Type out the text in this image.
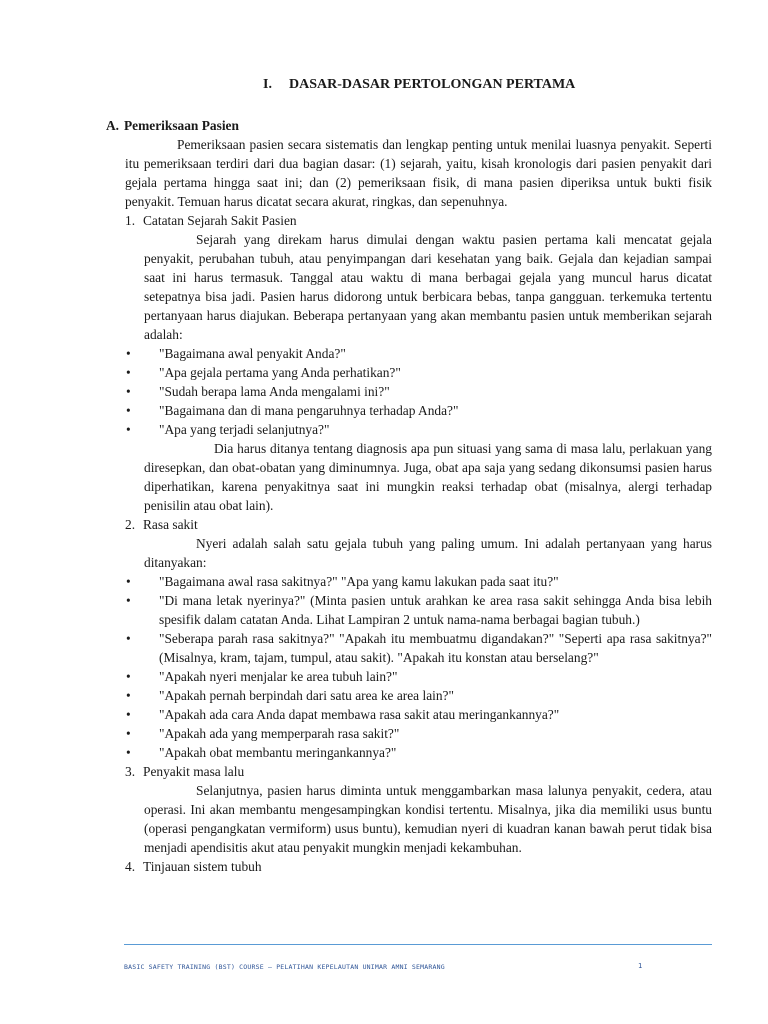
I. DASAR-DASAR PERTOLONGAN PERTAMA
A. Pemeriksaan Pasien
Pemeriksaan pasien secara sistematis dan lengkap penting untuk menilai luasnya penyakit. Seperti itu pemeriksaan terdiri dari dua bagian dasar: (1) sejarah, yaitu, kisah kronologis dari pasien penyakit dari gejala pertama hingga saat ini; dan (2) pemeriksaan fisik, di mana pasien diperiksa untuk bukti fisik penyakit. Temuan harus dicatat secara akurat, ringkas, dan sepenuhnya.
1. Catatan Sejarah Sakit Pasien
Sejarah yang direkam harus dimulai dengan waktu pasien pertama kali mencatat gejala penyakit, perubahan tubuh, atau penyimpangan dari kesehatan yang baik. Gejala dan kejadian sampai saat ini harus termasuk. Tanggal atau waktu di mana berbagai gejala yang muncul harus dicatat setepatnya bisa jadi. Pasien harus didorong untuk berbicara bebas, tanpa gangguan. terkemuka tertentu pertanyaan harus diajukan. Beberapa pertanyaan yang akan membantu pasien untuk memberikan sejarah adalah:
• "Bagaimana awal penyakit Anda?"
• "Apa gejala pertama yang Anda perhatikan?"
• "Sudah berapa lama Anda mengalami ini?"
• "Bagaimana dan di mana pengaruhnya terhadap Anda?"
• "Apa yang terjadi selanjutnya?"
Dia harus ditanya tentang diagnosis apa pun situasi yang sama di masa lalu, perlakuan yang diresepkan, dan obat-obatan yang diminumnya. Juga, obat apa saja yang sedang dikonsumsi pasien harus diperhatikan, karena penyakitnya saat ini mungkin reaksi terhadap obat (misalnya, alergi terhadap penisilin atau obat lain).
2. Rasa sakit
Nyeri adalah salah satu gejala tubuh yang paling umum. Ini adalah pertanyaan yang harus ditanyakan:
• "Bagaimana awal rasa sakitnya?" "Apa yang kamu lakukan pada saat itu?"
• "Di mana letak nyerinya?" (Minta pasien untuk arahkan ke area rasa sakit sehingga Anda bisa lebih spesifik dalam catatan Anda. Lihat Lampiran 2 untuk nama-nama berbagai bagian tubuh.)
• "Seberapa parah rasa sakitnya?" "Apakah itu membuatmu digandakan?" "Seperti apa rasa sakitnya?" (Misalnya, kram, tajam, tumpul, atau sakit). "Apakah itu konstan atau berselang?"
• "Apakah nyeri menjalar ke area tubuh lain?"
• "Apakah pernah berpindah dari satu area ke area lain?"
• "Apakah ada cara Anda dapat membawa rasa sakit atau meringankannya?"
• "Apakah ada yang memperparah rasa sakit?"
• "Apakah obat membantu meringankannya?"
3. Penyakit masa lalu
Selanjutnya, pasien harus diminta untuk menggambarkan masa lalunya penyakit, cedera, atau operasi. Ini akan membantu mengesampingkan kondisi tertentu. Misalnya, jika dia memiliki usus buntu (operasi pengangkatan vermiform) usus buntu), kemudian nyeri di kuadran kanan bawah perut tidak bisa menjadi apendisitis akut atau penyakit mungkin menjadi kekambuhan.
4. Tinjauan sistem tubuh
BASIC SAFETY TRAINING (BST) COURSE – PELATIHAN KEPELAUTAN UNIMAR AMNI SEMARANG	1
